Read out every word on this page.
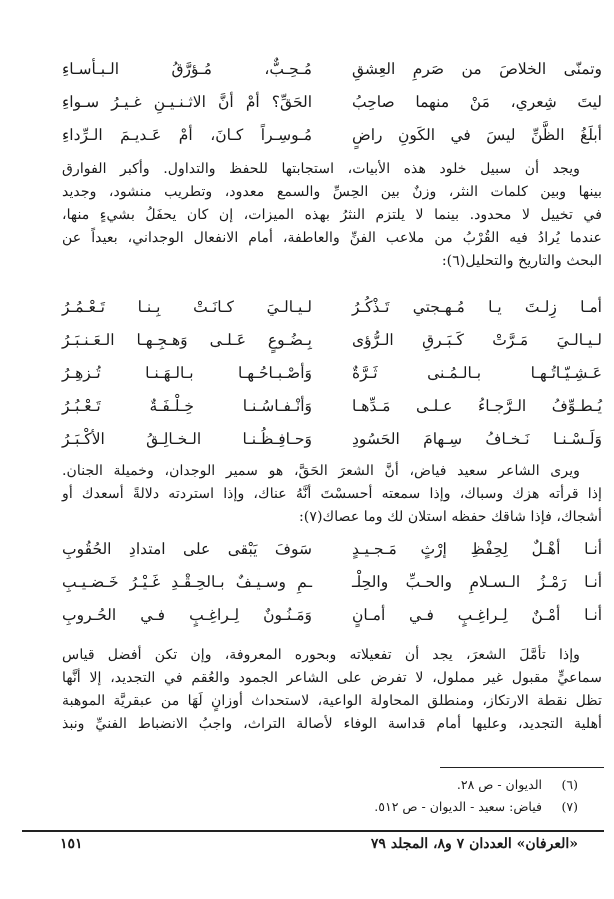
وتمنّى الخلاصَ من صَرمِ العِشقِ
مُـحِـبٌّ، مُـؤرَّقُ الـبـأسـاءِ
ليتَ شِعري، مَنْ منهما صاحِبُ
الحَقِّ؟ أمْ أنَّ الاثـنـيـنِ غـيـرُ سـواءِ
أبلَغُ الظَّنِّ ليسَ في الكَونِ راضٍ
مُـوسِـراً كـانَ، أمْ عَـديـمَ الـرِّداءِ

ويجد أن سبيل خلود هذه الأبيات، استجابتها للحفظ والتداول. وأكبر الفوارق

بينها وبين كلمات النثر، وزنٌ بين الحِسِّ والسمع معدود، وتطريب منشود، وجديد

في تخييل لا محدود. بينما لا يلتزم النثرُ بهذه الميزات، إن كان يحفَلُ بشيءٍ منها،

عندما يُرادُ فيه القُرْبُ من ملاعب الفنِّ والعاطفة، أمام الانفعال الوجداني، بعيداً عن

البحث والتاريخ والتحليل(٦):

أمـا زِلـتَ يـا مُـهـجتي تَـذْكُـرُ
لـيـالـيَ كـانَـتْ بِـنـا تَـعْـمُـرُ
لـيـالـيَ مَـرَّتْ كَـبَـرقِ الـرُّؤى
بِـضُـوعٍ عَـلـى وَهـجِـهـا الـعَـنـبَـرُ
عَـشِـيّـاتُـهـا بـالـمُـنى ثَـرَّةٌ
وَأصْـبـاحُـهـا بـالـهَـنـا تُـزهِـرُ
يُـطـوِّفُ الـرَّجـاءُ عـلـى مَـدِّهـا
وَأنْـفـاسُـنـا خِـلْـفَـةٌ تَـعْـبُـرُ
وَلَـسْـنـا نَـخـافُ سِـهامَ الحَسُودِ
وَحـافِـظُـنـا الـخـالِـقُ الأكْـبَـرُ

ويرى الشاعر سعيد فياض، أنَّ الشعرَ الحَقَّ، هو سمير الوجدان، وخميلة الجنان.

إذا قرأته هزك وسباك، وإذا سمعته أحسسْتَ أنَّهُ عناك، وإذا استردته دلالةً أسعدك أو

أشجاك، فإذا شاقك حفظه استلان لك وما عصاك(٧):

أنـا أهْـلٌ لِحِفْظِ إرْثٍ مَـجـيـدٍ
سَوفَ يَبْقى على امتدادِ الحُقُوبِ
أنـا رَمْـزُ الـسـلامِ والحـبِّ والحِلْـ
ـمِ وسـيـفٌ بـالحِـقْـدِ غَـيْـرُ خَـضـيـبِ
أنـا أمْـنٌ لِـراغِـبٍ فـي أمـانٍ
وَمَـنُـونٌ لِـراغِـبٍ فـي الحُـروبِ

وإذا تأمَّلَ الشعرَ، يجد أن تفعيلاته وبحوره المعروفة، وإن تكن أفضل قياس

سماعيٍّ مقبول غير مملول، لا تفرض على الشاعر الجمود والعُقم في التجديد، إلا أنَّها

تظل نقطة الارتكاز، ومنطلق المحاولة الواعية، لاستحداث أوزانٍ لَهَا من عبقريَّة الموهبة

أهلية التجديد، وعليها أمام قداسة الوفاء لأصالة التراث، واجبُ الانضباط الفنيِّ ونبذ

(٦)
الديوان - ص ٢٨.
(٧)
فياض: سعيد - الديوان - ص ٥١٢.
«العرفان» العددان ٧ و٨، المجلد ٧٩
١٥١
